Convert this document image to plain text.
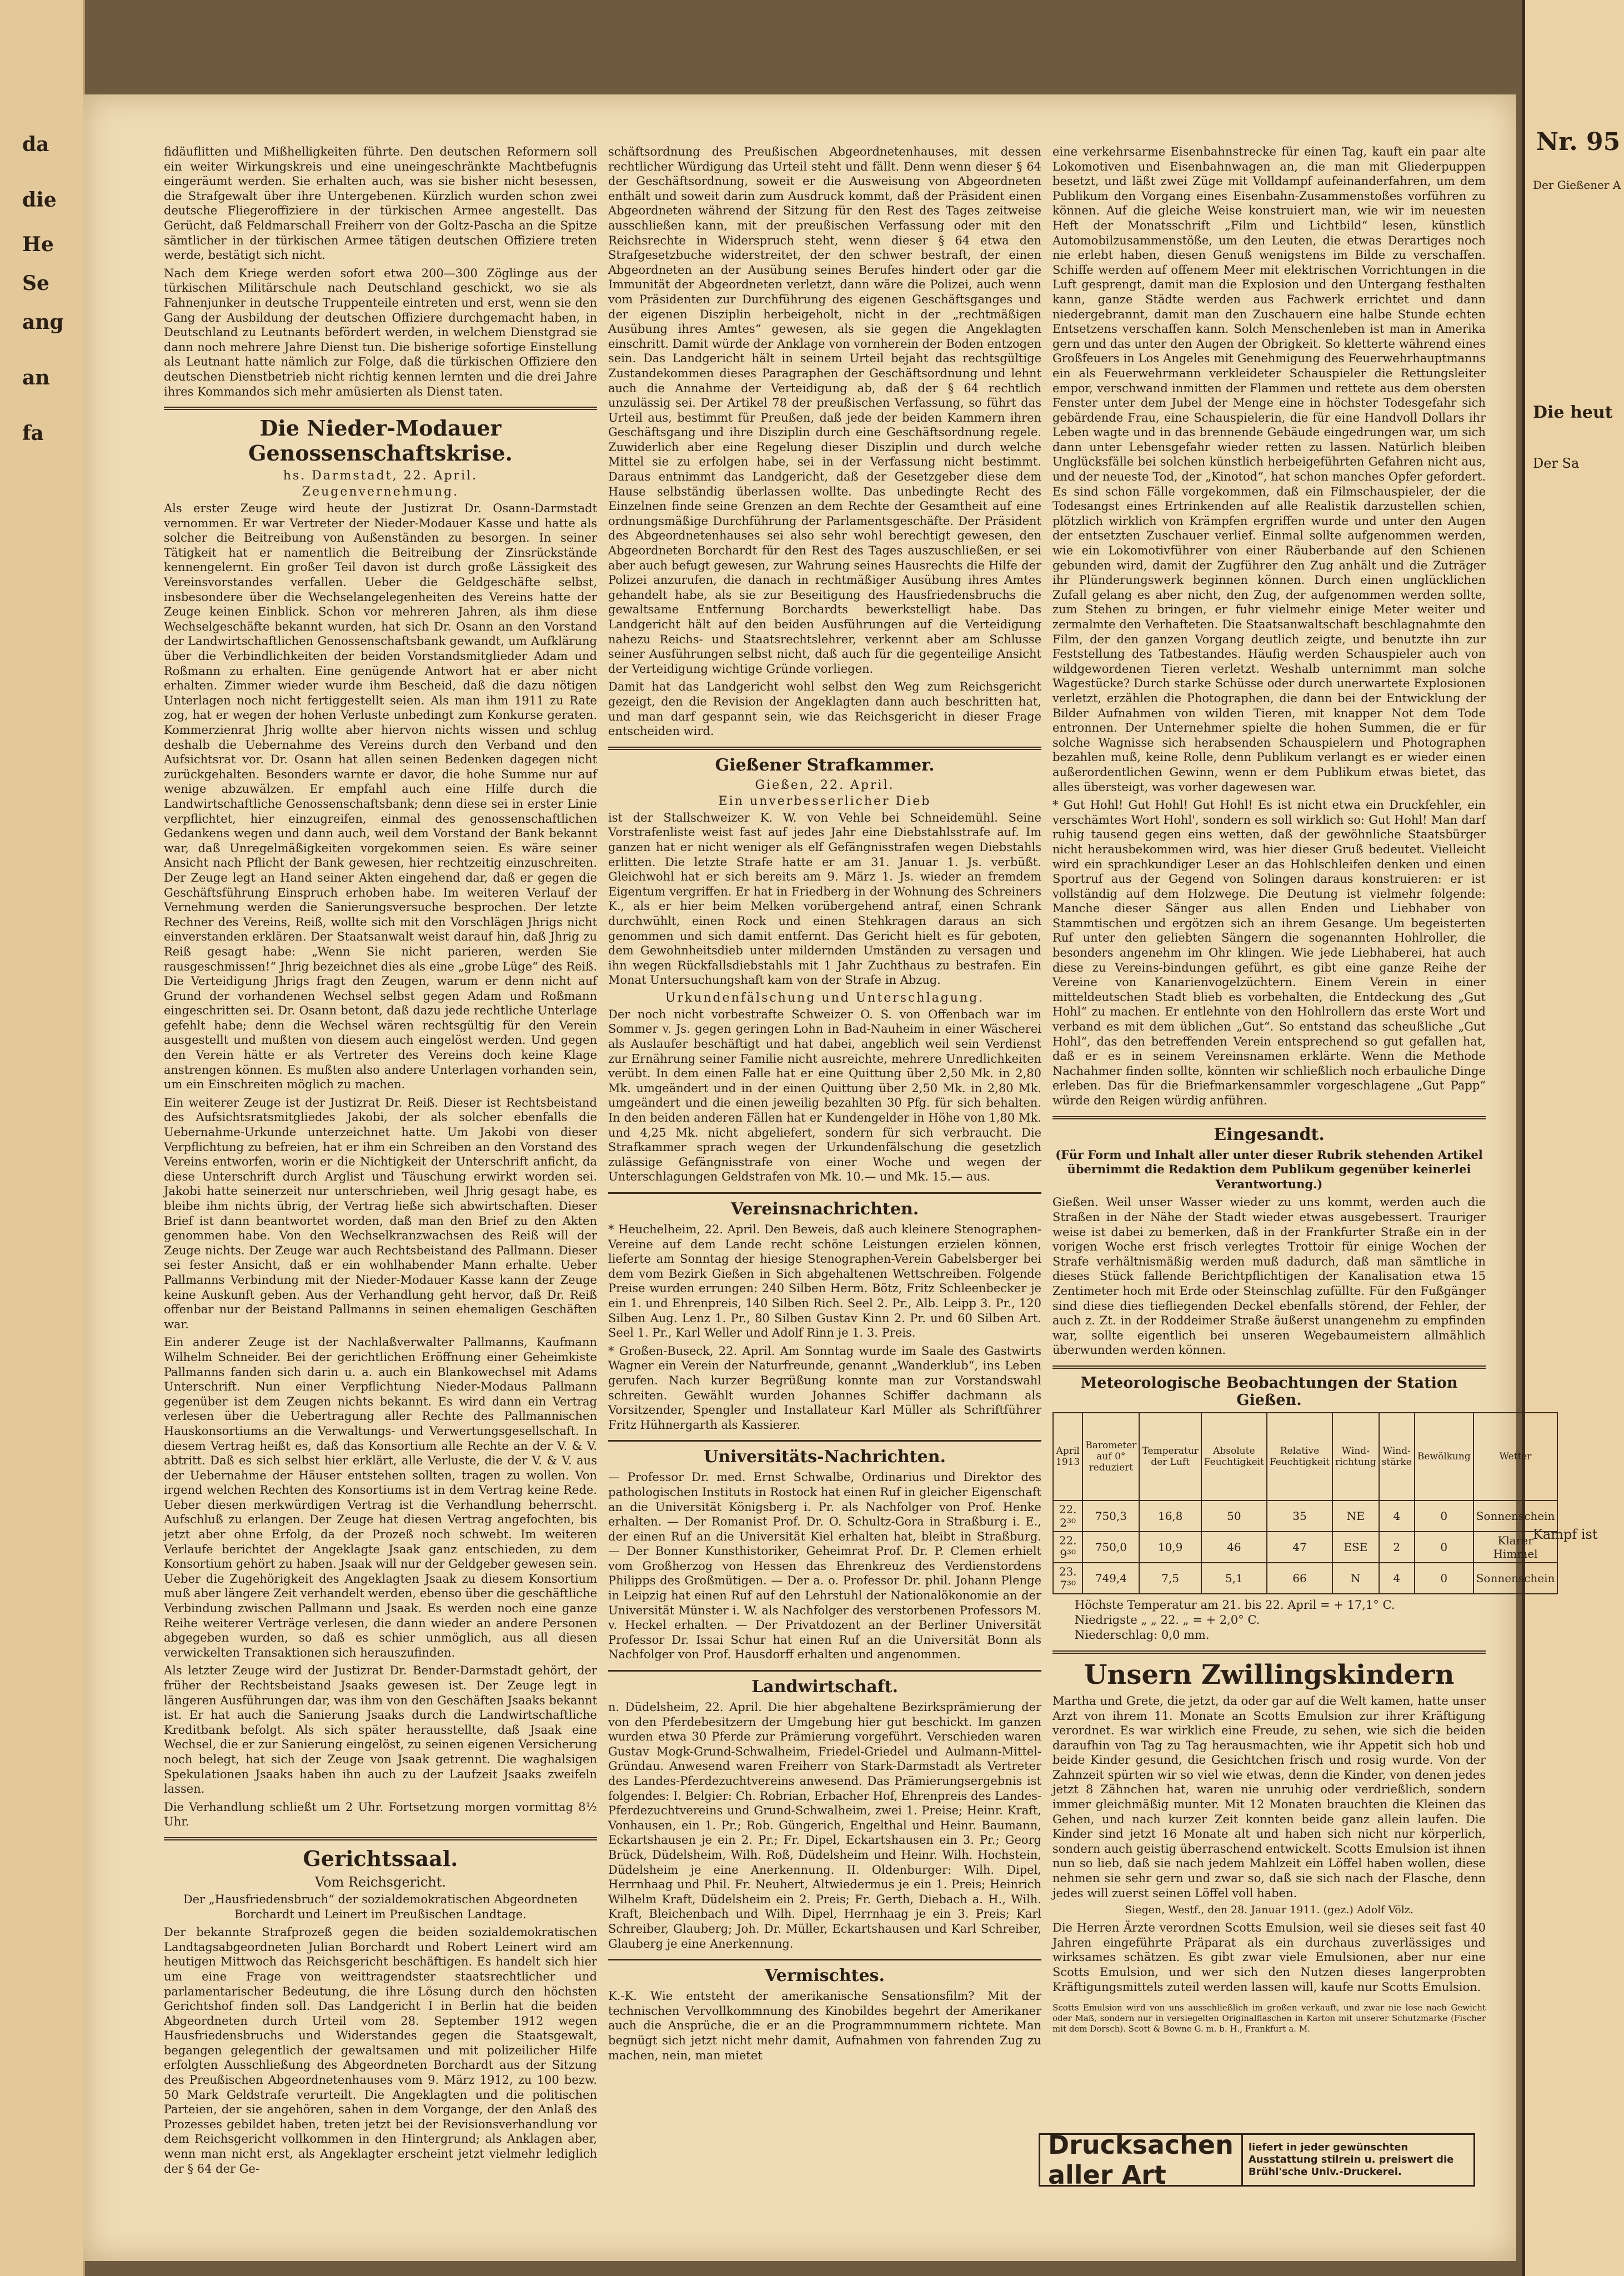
da
die
He
Se
ang
an
fa
Nr. 95
Der Gießener A
Die heut
Der Sa
Kampf ist

fidäuflitten und Mißhelligkeiten führte. Den deutschen Reformern soll ein weiter Wirkungskreis und eine uneingeschränkte Machtbefugnis eingeräumt werden. Sie erhalten auch, was sie bisher nicht besessen, die Strafgewalt über ihre Untergebenen. Kürzlich wurden schon zwei deutsche Fliegeroffiziere in der türkischen Armee angestellt. Das Gerücht, daß Feldmarschall Freiherr von der Goltz-Pascha an die Spitze sämtlicher in der türkischen Armee tätigen deutschen Offiziere treten werde, bestätigt sich nicht.

Nach dem Kriege werden sofort etwa 200—300 Zöglinge aus der türkischen Militärschule nach Deutschland geschickt, wo sie als Fahnenjunker in deutsche Truppenteile eintreten und erst, wenn sie den Gang der Ausbildung der deutschen Offiziere durchgemacht haben, in Deutschland zu Leutnants befördert werden, in welchem Dienstgrad sie dann noch mehrere Jahre Dienst tun. Die bisherige sofortige Einstellung als Leutnant hatte nämlich zur Folge, daß die türkischen Offiziere den deutschen Dienstbetrieb nicht richtig kennen lernten und die drei Jahre ihres Kommandos sich mehr amüsierten als Dienst taten.

Die Nieder-Modauer Genossenschaftskrise.
hs. Darmstadt, 22. April.
Zeugenvernehmung.

Als erster Zeuge wird heute der Justizrat Dr. Osann-Darmstadt vernommen. Er war Vertreter der Nieder-Modauer Kasse und hatte als solcher die Beitreibung von Außenständen zu besorgen. In seiner Tätigkeit hat er namentlich die Beitreibung der Zinsrückstände kennengelernt. Ein großer Teil davon ist durch große Lässigkeit des Vereinsvorstandes verfallen. Ueber die Geldgeschäfte selbst, insbesondere über die Wechselangelegenheiten des Vereins hatte der Zeuge keinen Einblick. Schon vor mehreren Jahren, als ihm diese Wechselgeschäfte bekannt wurden, hat sich Dr. Osann an den Vorstand der Landwirtschaftlichen Genossenschaftsbank gewandt, um Aufklärung über die Verbindlichkeiten der beiden Vorstandsmitglieder Adam und Roßmann zu erhalten. Eine genügende Antwort hat er aber nicht erhalten. Zimmer wieder wurde ihm Bescheid, daß die dazu nötigen Unterlagen noch nicht fertiggestellt seien. Als man ihm 1911 zu Rate zog, hat er wegen der hohen Verluste unbedingt zum Konkurse geraten. Kommerzienrat Jhrig wollte aber hiervon nichts wissen und schlug deshalb die Uebernahme des Vereins durch den Verband und den Aufsichtsrat vor. Dr. Osann hat allen seinen Bedenken dagegen nicht zurückgehalten. Besonders warnte er davor, die hohe Summe nur auf wenige abzuwälzen. Er empfahl auch eine Hilfe durch die Landwirtschaftliche Genossenschaftsbank; denn diese sei in erster Linie verpflichtet, hier einzugreifen, einmal des genossenschaftlichen Gedankens wegen und dann auch, weil dem Vorstand der Bank bekannt war, daß Unregelmäßigkeiten vorgekommen seien. Es wäre seiner Ansicht nach Pflicht der Bank gewesen, hier rechtzeitig einzuschreiten. Der Zeuge legt an Hand seiner Akten eingehend dar, daß er gegen die Geschäftsführung Einspruch erhoben habe. Im weiteren Verlauf der Vernehmung werden die Sanierungsversuche besprochen. Der letzte Rechner des Vereins, Reiß, wollte sich mit den Vorschlägen Jhrigs nicht einverstanden erklären. Der Staatsanwalt weist darauf hin, daß Jhrig zu Reiß gesagt habe: „Wenn Sie nicht parieren, werden Sie rausgeschmissen!“ Jhrig bezeichnet dies als eine „grobe Lüge“ des Reiß. Die Verteidigung Jhrigs fragt den Zeugen, warum er denn nicht auf Grund der vorhandenen Wechsel selbst gegen Adam und Roßmann eingeschritten sei. Dr. Osann betont, daß dazu jede rechtliche Unterlage gefehlt habe; denn die Wechsel wären rechtsgültig für den Verein ausgestellt und mußten von diesem auch eingelöst werden. Und gegen den Verein hätte er als Vertreter des Vereins doch keine Klage anstrengen können. Es mußten also andere Unterlagen vorhanden sein, um ein Einschreiten möglich zu machen.

Ein weiterer Zeuge ist der Justizrat Dr. Reiß. Dieser ist Rechtsbeistand des Aufsichtsratsmitgliedes Jakobi, der als solcher ebenfalls die Uebernahme-Urkunde unterzeichnet hatte. Um Jakobi von dieser Verpflichtung zu befreien, hat er ihm ein Schreiben an den Vorstand des Vereins entworfen, worin er die Nichtigkeit der Unterschrift anficht, da diese Unterschrift durch Arglist und Täuschung erwirkt worden sei. Jakobi hatte seinerzeit nur unterschrieben, weil Jhrig gesagt habe, es bleibe ihm nichts übrig, der Vertrag ließe sich abwirtschaften. Dieser Brief ist dann beantwortet worden, daß man den Brief zu den Akten genommen habe. Von den Wechselkranzwachsen des Reiß will der Zeuge nichts. Der Zeuge war auch Rechtsbeistand des Pallmann. Dieser sei fester Ansicht, daß er ein wohlhabender Mann erhalte. Ueber Pallmanns Verbindung mit der Nieder-Modauer Kasse kann der Zeuge keine Auskunft geben. Aus der Verhandlung geht hervor, daß Dr. Reiß offenbar nur der Beistand Pallmanns in seinen ehemaligen Geschäften war.

Ein anderer Zeuge ist der Nachlaßverwalter Pallmanns, Kaufmann Wilhelm Schneider. Bei der gerichtlichen Eröffnung einer Geheimkiste Pallmanns fanden sich darin u. a. auch ein Blankowechsel mit Adams Unterschrift. Nun einer Verpflichtung Nieder-Modaus Pallmann gegenüber ist dem Zeugen nichts bekannt. Es wird dann ein Vertrag verlesen über die Uebertragung aller Rechte des Pallmannischen Hauskonsortiums an die Verwaltungs- und Verwertungsgesellschaft. In diesem Vertrag heißt es, daß das Konsortium alle Rechte an der V. & V. abtritt. Daß es sich selbst hier erklärt, alle Verluste, die der V. & V. aus der Uebernahme der Häuser entstehen sollten, tragen zu wollen. Von irgend welchen Rechten des Konsortiums ist in dem Vertrag keine Rede. Ueber diesen merkwürdigen Vertrag ist die Verhandlung beherrscht. Aufschluß zu erlangen. Der Zeuge hat diesen Vertrag angefochten, bis jetzt aber ohne Erfolg, da der Prozeß noch schwebt. Im weiteren Verlaufe berichtet der Angeklagte Jsaak ganz entschieden, zu dem Konsortium gehört zu haben. Jsaak will nur der Geldgeber gewesen sein. Ueber die Zugehörigkeit des Angeklagten Jsaak zu diesem Konsortium muß aber längere Zeit verhandelt werden, ebenso über die geschäftliche Verbindung zwischen Pallmann und Jsaak. Es werden noch eine ganze Reihe weiterer Verträge verlesen, die dann wieder an andere Personen abgegeben wurden, so daß es schier unmöglich, aus all diesen verwickelten Transaktionen sich herauszufinden.

Als letzter Zeuge wird der Justizrat Dr. Bender-Darmstadt gehört, der früher der Rechtsbeistand Jsaaks gewesen ist. Der Zeuge legt in längeren Ausführungen dar, was ihm von den Geschäften Jsaaks bekannt ist. Er hat auch die Sanierung Jsaaks durch die Landwirtschaftliche Kreditbank befolgt. Als sich später herausstellte, daß Jsaak eine Wechsel, die er zur Sanierung eingelöst, zu seinen eigenen Versicherung noch belegt, hat sich der Zeuge von Jsaak getrennt. Die waghalsigen Spekulationen Jsaaks haben ihn auch zu der Laufzeit Jsaaks zweifeln lassen.

Die Verhandlung schließt um 2 Uhr. Fortsetzung morgen vormittag 8½ Uhr.

Gerichtssaal.
Vom Reichsgericht.

Der „Hausfriedensbruch“ der sozialdemokratischen Abgeordneten Borchardt und Leinert im Preußischen Landtage.

Der bekannte Strafprozeß gegen die beiden sozialdemokratischen Landtagsabgeordneten Julian Borchardt und Robert Leinert wird am heutigen Mittwoch das Reichsgericht beschäftigen. Es handelt sich hier um eine Frage von weittragendster staatsrechtlicher und parlamentarischer Bedeutung, die ihre Lösung durch den höchsten Gerichtshof finden soll. Das Landgericht I in Berlin hat die beiden Abgeordneten durch Urteil vom 28. September 1912 wegen Hausfriedensbruchs und Widerstandes gegen die Staatsgewalt, begangen gelegentlich der gewaltsamen und mit polizeilicher Hilfe erfolgten Ausschließung des Abgeordneten Borchardt aus der Sitzung des Preußischen Abgeordnetenhauses vom 9. März 1912, zu 100 bezw. 50 Mark Geldstrafe verurteilt. Die Angeklagten und die politischen Parteien, der sie angehören, sahen in dem Vorgange, der den Anlaß des Prozesses gebildet haben, treten jetzt bei der Revisionsverhandlung vor dem Reichsgericht vollkommen in den Hintergrund; als Anklagen aber, wenn man nicht erst, als Angeklagter erscheint jetzt vielmehr lediglich der § 64 der Ge-

schäftsordnung des Preußischen Abgeordnetenhauses, mit dessen rechtlicher Würdigung das Urteil steht und fällt. Denn wenn dieser § 64 der Geschäftsordnung, soweit er die Ausweisung von Abgeordneten enthält und soweit darin zum Ausdruck kommt, daß der Präsident einen Abgeordneten während der Sitzung für den Rest des Tages zeitweise ausschließen kann, mit der preußischen Verfassung oder mit den Reichsrechte in Widerspruch steht, wenn dieser § 64 etwa den Strafgesetzbuche widerstreitet, der den schwer bestraft, der einen Abgeordneten an der Ausübung seines Berufes hindert oder gar die Immunität der Abgeordneten verletzt, dann wäre die Polizei, auch wenn vom Präsidenten zur Durchführung des eigenen Geschäftsganges und der eigenen Disziplin herbeigeholt, nicht in der „rechtmäßigen Ausübung ihres Amtes“ gewesen, als sie gegen die Angeklagten einschritt. Damit würde der Anklage von vornherein der Boden entzogen sein. Das Landgericht hält in seinem Urteil bejaht das rechtsgültige Zustandekommen dieses Paragraphen der Geschäftsordnung und lehnt auch die Annahme der Verteidigung ab, daß der § 64 rechtlich unzulässig sei. Der Artikel 78 der preußischen Verfassung, so führt das Urteil aus, bestimmt für Preußen, daß jede der beiden Kammern ihren Geschäftsgang und ihre Disziplin durch eine Geschäftsordnung regele. Zuwiderlich aber eine Regelung dieser Disziplin und durch welche Mittel sie zu erfolgen habe, sei in der Verfassung nicht bestimmt. Daraus entnimmt das Landgericht, daß der Gesetzgeber diese dem Hause selbständig überlassen wollte. Das unbedingte Recht des Einzelnen finde seine Grenzen an dem Rechte der Gesamtheit auf eine ordnungsmäßige Durchführung der Parlamentsgeschäfte. Der Präsident des Abgeordnetenhauses sei also sehr wohl berechtigt gewesen, den Abgeordneten Borchardt für den Rest des Tages auszuschließen, er sei aber auch befugt gewesen, zur Wahrung seines Hausrechts die Hilfe der Polizei anzurufen, die danach in rechtmäßiger Ausübung ihres Amtes gehandelt habe, als sie zur Beseitigung des Hausfriedensbruchs die gewaltsame Entfernung Borchardts bewerkstelligt habe. Das Landgericht hält auf den beiden Ausführungen auf die Verteidigung nahezu Reichs- und Staatsrechtslehrer, verkennt aber am Schlusse seiner Ausführungen selbst nicht, daß auch für die gegenteilige Ansicht der Verteidigung wichtige Gründe vorliegen.

Damit hat das Landgericht wohl selbst den Weg zum Reichsgericht gezeigt, den die Revision der Angeklagten dann auch beschritten hat, und man darf gespannt sein, wie das Reichsgericht in dieser Frage entscheiden wird.

Gießener Strafkammer.
Gießen, 22. April.
Ein unverbesserlicher Dieb

ist der Stallschweizer K. W. von Vehle bei Schneidemühl. Seine Vorstrafenliste weist fast auf jedes Jahr eine Diebstahlsstrafe auf. Im ganzen hat er nicht weniger als elf Gefängnisstrafen wegen Diebstahls erlitten. Die letzte Strafe hatte er am 31. Januar 1. Js. verbüßt. Gleichwohl hat er sich bereits am 9. März 1. Js. wieder an fremdem Eigentum vergriffen. Er hat in Friedberg in der Wohnung des Schreiners K., als er hier beim Melken vorübergehend antraf, einen Schrank durchwühlt, einen Rock und einen Stehkragen daraus an sich genommen und sich damit entfernt. Das Gericht hielt es für geboten, dem Gewohnheitsdieb unter mildernden Umständen zu versagen und ihn wegen Rückfallsdiebstahls mit 1 Jahr Zuchthaus zu bestrafen. Ein Monat Untersuchungshaft kam von der Strafe in Abzug.

Urkundenfälschung und Unterschlagung.

Der noch nicht vorbestrafte Schweizer O. S. von Offenbach war im Sommer v. Js. gegen geringen Lohn in Bad-Nauheim in einer Wäscherei als Auslaufer beschäftigt und hat dabei, angeblich weil sein Verdienst zur Ernährung seiner Familie nicht ausreichte, mehrere Unredlichkeiten verübt. In dem einen Falle hat er eine Quittung über 2,50 Mk. in 2,80 Mk. umgeändert und in der einen Quittung über 2,50 Mk. in 2,80 Mk. umgeändert und die einen jeweilig bezahlten 30 Pfg. für sich behalten. In den beiden anderen Fällen hat er Kundengelder in Höhe von 1,80 Mk. und 4,25 Mk. nicht abgeliefert, sondern für sich verbraucht. Die Strafkammer sprach wegen der Urkundenfälschung die gesetzlich zulässige Gefängnisstrafe von einer Woche und wegen der Unterschlagungen Geldstrafen von Mk. 10.— und Mk. 15.— aus.

Vereinsnachrichten.

* Heuchelheim, 22. April. Den Beweis, daß auch kleinere Stenographen-Vereine auf dem Lande recht schöne Leistungen erzielen können, lieferte am Sonntag der hiesige Stenographen-Verein Gabelsberger bei dem vom Bezirk Gießen in Sich abgehaltenen Wettschreiben. Folgende Preise wurden errungen: 240 Silben Herm. Bötz, Fritz Schleenbecker je ein 1. und Ehrenpreis, 140 Silben Rich. Seel 2. Pr., Alb. Leipp 3. Pr., 120 Silben Aug. Lenz 1. Pr., 80 Silben Gustav Kinn 2. Pr. und 60 Silben Art. Seel 1. Pr., Karl Weller und Adolf Rinn je 1. 3. Preis.

* Großen-Buseck, 22. April. Am Sonntag wurde im Saale des Gastwirts Wagner ein Verein der Naturfreunde, genannt „Wanderklub“, ins Leben gerufen. Nach kurzer Begrüßung konnte man zur Vorstandswahl schreiten. Gewählt wurden Johannes Schiffer dachmann als Vorsitzender, Spengler und Installateur Karl Müller als Schriftführer Fritz Hühnergarth als Kassierer.

Universitäts-Nachrichten.

— Professor Dr. med. Ernst Schwalbe, Ordinarius und Direktor des pathologischen Instituts in Rostock hat einen Ruf in gleicher Eigenschaft an die Universität Königsberg i. Pr. als Nachfolger von Prof. Henke erhalten. — Der Romanist Prof. Dr. O. Schultz-Gora in Straßburg i. E., der einen Ruf an die Universität Kiel erhalten hat, bleibt in Straßburg. — Der Bonner Kunsthistoriker, Geheimrat Prof. Dr. P. Clemen erhielt vom Großherzog von Hessen das Ehrenkreuz des Verdienstordens Philipps des Großmütigen. — Der a. o. Professor Dr. phil. Johann Plenge in Leipzig hat einen Ruf auf den Lehrstuhl der Nationalökonomie an der Universität Münster i. W. als Nachfolger des verstorbenen Professors M. v. Heckel erhalten. — Der Privatdozent an der Berliner Universität Professor Dr. Issai Schur hat einen Ruf an die Universität Bonn als Nachfolger von Prof. Hausdorff erhalten und angenommen.

Landwirtschaft.

n. Düdelsheim, 22. April. Die hier abgehaltene Bezirksprämierung der von den Pferdebesitzern der Umgebung hier gut beschickt. Im ganzen wurden etwa 30 Pferde zur Prämierung vorgeführt. Verschieden waren Gustav Mogk-Grund-Schwalheim, Friedel-Griedel und Aulmann-Mittel-Gründau. Anwesend waren Freiherr von Stark-Darmstadt als Vertreter des Landes-Pferdezuchtvereins anwesend. Das Prämierungsergebnis ist folgendes: I. Belgier: Ch. Robrian, Erbacher Hof, Ehrenpreis des Landes-Pferdezuchtvereins und Grund-Schwalheim, zwei 1. Preise; Heinr. Kraft, Vonhausen, ein 1. Pr.; Rob. Güngerich, Engelthal und Heinr. Baumann, Eckartshausen je ein 2. Pr.; Fr. Dipel, Eckartshausen ein 3. Pr.; Georg Brück, Düdelsheim, Wilh. Roß, Düdelsheim und Heinr. Wilh. Hochstein, Düdelsheim je eine Anerkennung. II. Oldenburger: Wilh. Dipel, Herrnhaag und Phil. Fr. Neuhert, Altwiedermus je ein 1. Preis; Heinrich Wilhelm Kraft, Düdelsheim ein 2. Preis; Fr. Gerth, Diebach a. H., Wilh. Kraft, Bleichenbach und Wilh. Dipel, Herrnhaag je ein 3. Preis; Karl Schreiber, Glauberg; Joh. Dr. Müller, Eckartshausen und Karl Schreiber, Glauberg je eine Anerkennung.

Vermischtes.

K.-K. Wie entsteht der amerikanische Sensationsfilm? Mit der technischen Vervollkommnung des Kinobildes begehrt der Amerikaner auch die Ansprüche, die er an die Programmnummern richtete. Man begnügt sich jetzt nicht mehr damit, Aufnahmen von fahrenden Zug zu machen, nein, man mietet

eine verkehrsarme Eisenbahnstrecke für einen Tag, kauft ein paar alte Lokomotiven und Eisenbahnwagen an, die man mit Gliederpuppen besetzt, und läßt zwei Züge mit Volldampf aufeinanderfahren, um dem Publikum den Vorgang eines Eisenbahn-Zusammenstoßes vorführen zu können. Auf die gleiche Weise konstruiert man, wie wir im neuesten Heft der Monatsschrift „Film und Lichtbild“ lesen, künstlich Automobilzusammenstöße, um den Leuten, die etwas Derartiges noch nie erlebt haben, diesen Genuß wenigstens im Bilde zu verschaffen. Schiffe werden auf offenem Meer mit elektrischen Vorrichtungen in die Luft gesprengt, damit man die Explosion und den Untergang festhalten kann, ganze Städte werden aus Fachwerk errichtet und dann niedergebrannt, damit man den Zuschauern eine halbe Stunde echten Entsetzens verschaffen kann. Solch Menschenleben ist man in Amerika gern und das unter den Augen der Obrigkeit. So kletterte während eines Großfeuers in Los Angeles mit Genehmigung des Feuerwehrhauptmanns ein als Feuerwehrmann verkleideter Schauspieler die Rettungsleiter empor, verschwand inmitten der Flammen und rettete aus dem obersten Fenster unter dem Jubel der Menge eine in höchster Todesgefahr sich gebärdende Frau, eine Schauspielerin, die für eine Handvoll Dollars ihr Leben wagte und in das brennende Gebäude eingedrungen war, um sich dann unter Lebensgefahr wieder retten zu lassen. Natürlich bleiben Unglücksfälle bei solchen künstlich herbeigeführten Gefahren nicht aus, und der neueste Tod, der „Kinotod“, hat schon manches Opfer gefordert. Es sind schon Fälle vorgekommen, daß ein Filmschauspieler, der die Todesangst eines Ertrinkenden auf alle Realistik darzustellen schien, plötzlich wirklich von Krämpfen ergriffen wurde und unter den Augen der entsetzten Zuschauer verlief. Einmal sollte aufgenommen werden, wie ein Lokomotivführer von einer Räuberbande auf den Schienen gebunden wird, damit der Zugführer den Zug anhält und die Zuträger ihr Plünderungswerk beginnen können. Durch einen unglücklichen Zufall gelang es aber nicht, den Zug, der aufgenommen werden sollte, zum Stehen zu bringen, er fuhr vielmehr einige Meter weiter und zermalmte den Verhafteten. Die Staatsanwaltschaft beschlagnahmte den Film, der den ganzen Vorgang deutlich zeigte, und benutzte ihn zur Feststellung des Tatbestandes. Häufig werden Schauspieler auch von wildgewordenen Tieren verletzt. Weshalb unternimmt man solche Wagestücke? Durch starke Schüsse oder durch unerwartete Explosionen verletzt, erzählen die Photographen, die dann bei der Entwicklung der Bilder Aufnahmen von wilden Tieren, mit knapper Not dem Tode entronnen. Der Unternehmer spielte die hohen Summen, die er für solche Wagnisse sich herabsenden Schauspielern und Photographen bezahlen muß, keine Rolle, denn Publikum verlangt es er wieder einen außerordentlichen Gewinn, wenn er dem Publikum etwas bietet, das alles übersteigt, was vorher dagewesen war.

* Gut Hohl! Gut Hohl! Gut Hohl! Es ist nicht etwa ein Druckfehler, ein verschämtes Wort Hohl', sondern es soll wirklich so: Gut Hohl! Man darf ruhig tausend gegen eins wetten, daß der gewöhnliche Staatsbürger nicht herausbekommen wird, was hier dieser Gruß bedeutet. Vielleicht wird ein sprachkundiger Leser an das Hohlschleifen denken und einen Sportruf aus der Gegend von Solingen daraus konstruieren: er ist vollständig auf dem Holzwege. Die Deutung ist vielmehr folgende: Manche dieser Sänger aus allen Enden und Liebhaber von Stammtischen und ergötzen sich an ihrem Gesange. Um begeisterten Ruf unter den geliebten Sängern die sogenannten Hohlroller, die besonders angenehm im Ohr klingen. Wie jede Liebhaberei, hat auch diese zu Vereins-bindungen geführt, es gibt eine ganze Reihe der Vereine von Kanarienvogelzüchtern. Einem Verein in einer mitteldeutschen Stadt blieb es vorbehalten, die Entdeckung des „Gut Hohl“ zu machen. Er entlehnte von den Hohlrollern das erste Wort und verband es mit dem üblichen „Gut“. So entstand das scheußliche „Gut Hohl“, das den betreffenden Verein entsprechend so gut gefallen hat, daß er es in seinem Vereinsnamen erklärte. Wenn die Methode Nachahmer finden sollte, könnten wir schließlich noch erbauliche Dinge erleben. Das für die Briefmarkensammler vorgeschlagene „Gut Papp“ würde den Reigen würdig anführen.

Eingesandt.

(Für Form und Inhalt aller unter dieser Rubrik stehenden Artikel übernimmt die Redaktion dem Publikum gegenüber keinerlei Verantwortung.)

Gießen. Weil unser Wasser wieder zu uns kommt, werden auch die Straßen in der Nähe der Stadt wieder etwas ausgebessert. Trauriger weise ist dabei zu bemerken, daß in der Frankfurter Straße ein in der vorigen Woche erst frisch verlegtes Trottoir für einige Wochen der Strafe verhältnismäßig werden muß dadurch, daß man sämtliche in dieses Stück fallende Berichtpflichtigen der Kanalisation etwa 15 Zentimeter hoch mit Erde oder Steinschlag zufüllte. Für den Fußgänger sind diese dies tiefliegenden Deckel ebenfalls störend, der Fehler, der auch z. Zt. in der Roddeimer Straße äußerst unangenehm zu empfinden war, sollte eigentlich bei unseren Wegebaumeistern allmählich überwunden werden können.

Meteorologische Beobachtungen der Station Gießen.
April 1913	Barometer auf 0° reduziert	Temperatur der Luft	Absolute Feuchtigkeit	Relative Feuchtigkeit	Wind-richtung	Wind-stärke	Bewölkung	Wetter
22. 2³⁰	750,3	16,8	50	35	NE	4	0	Sonnenschein
22. 9³⁰	750,0	10,9	46	47	ESE	2	0	Klarer Himmel
23. 7³⁰	749,4	7,5	5,1	66	N	4	0	Sonnenschein
Höchste Temperatur am 21. bis 22. April = + 17,1° C.
Niedrigste „ „ 22. „ = + 2,0° C.
Niederschlag: 0,0 mm.
Unsern Zwillingskindern

Martha und Grete, die jetzt, da oder gar auf die Welt kamen, hatte unser Arzt von ihrem 11. Monate an Scotts Emulsion zur ihrer Kräftigung verordnet. Es war wirklich eine Freude, zu sehen, wie sich die beiden daraufhin von Tag zu Tag herausmachten, wie ihr Appetit sich hob und beide Kinder gesund, die Gesichtchen frisch und rosig wurde. Von der Zahnzeit spürten wir so viel wie etwas, denn die Kinder, von denen jedes jetzt 8 Zähnchen hat, waren nie unruhig oder verdrießlich, sondern immer gleichmäßig munter. Mit 12 Monaten brauchten die Kleinen das Gehen, und nach kurzer Zeit konnten beide ganz allein laufen. Die Kinder sind jetzt 16 Monate alt und haben sich nicht nur körperlich, sondern auch geistig überraschend entwickelt. Scotts Emulsion ist ihnen nun so lieb, daß sie nach jedem Mahlzeit ein Löffel haben wollen, diese nehmen sie sehr gern und zwar so, daß sie sich nach der Flasche, denn jedes will zuerst seinen Löffel voll haben.

Siegen, Westf., den 28. Januar 1911. (gez.) Adolf Völz.

Die Herren Ärzte verordnen Scotts Emulsion, weil sie dieses seit fast 40 Jahren eingeführte Präparat als ein durchaus zuverlässiges und wirksames schätzen. Es gibt zwar viele Emulsionen, aber nur eine Scotts Emulsion, und wer sich den Nutzen dieses langerprobten Kräftigungsmittels zuteil werden lassen will, kaufe nur Scotts Emulsion.

Scotts Emulsion wird von uns ausschließlich im großen verkauft, und zwar nie lose nach Gewicht oder Maß, sondern nur in versiegelten Originalflaschen in Karton mit unserer Schutzmarke (Fischer mit dem Dorsch). Scott & Bowne G. m. b. H., Frankfurt a. M.

Drucksachen aller Art
liefert in jeder gewünschten Ausstattung stilrein u. preiswert die Brühl'sche Univ.-Druckerei.
